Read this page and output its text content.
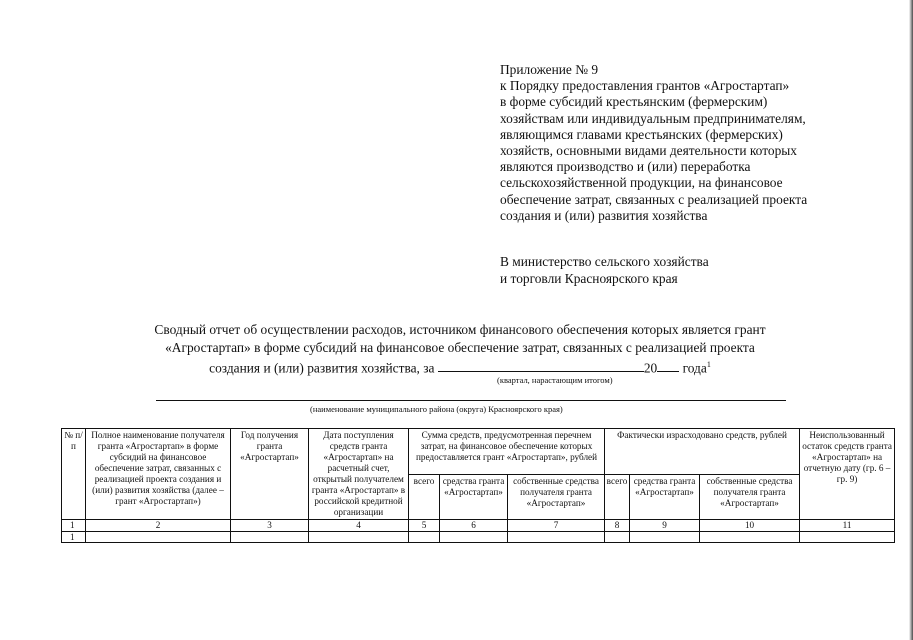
Приложение № 9
к Порядку предоставления грантов «Агростартап»
в форме субсидий крестьянским (фермерским)
хозяйствам или индивидуальным предпринимателям,
являющимся главами крестьянских (фермерских)
хозяйств, основными видами деятельности которых
являются производство и (или) переработка
сельскохозяйственной продукции, на финансовое
обеспечение затрат, связанных с реализацией проекта
создания и (или) развития хозяйства
В министерство сельского хозяйства
и торговли Красноярского края
Сводный отчет об осуществлении расходов, источником финансового обеспечения которых является грант
«Агростартап» в форме субсидий на финансовое обеспечение затрат, связанных с реализацией проекта
создания и (или) развития хозяйства, за	20 года$^1$
(квартал, нарастающим итогом)
(наименование муниципального района (округа) Красноярского края)
№ п/п	Полное наименование получателя гранта «Агростартап» в форме субсидий на финансовое обеспечение затрат, связанных с реализацией проекта создания и (или) развития хозяйства (далее – грант «Агростартап»)	Год получения гранта «Агростартап»	Дата поступления средств гранта «Агростартап» на расчетный счет, открытый получателем гранта «Агростартап» в российской кредитной организации	Сумма средств, предусмотренная перечнем затрат, на финансовое обеспечение которых предоставляется грант «Агростартап», рублей			Фактически израсходовано средств, рублей			Неиспользованный остаток средств гранта «Агростартап» на отчетную дату (гр. 6 – гр. 9)
				всего	средства гранта «Агростартап»	собственные средства получателя гранта «Агростартап»	всего	средства гранта «Агростартап»	собственные средства получателя гранта «Агростартап»	
1	2	3	4	5	6	7	8	9	10	11
1										
